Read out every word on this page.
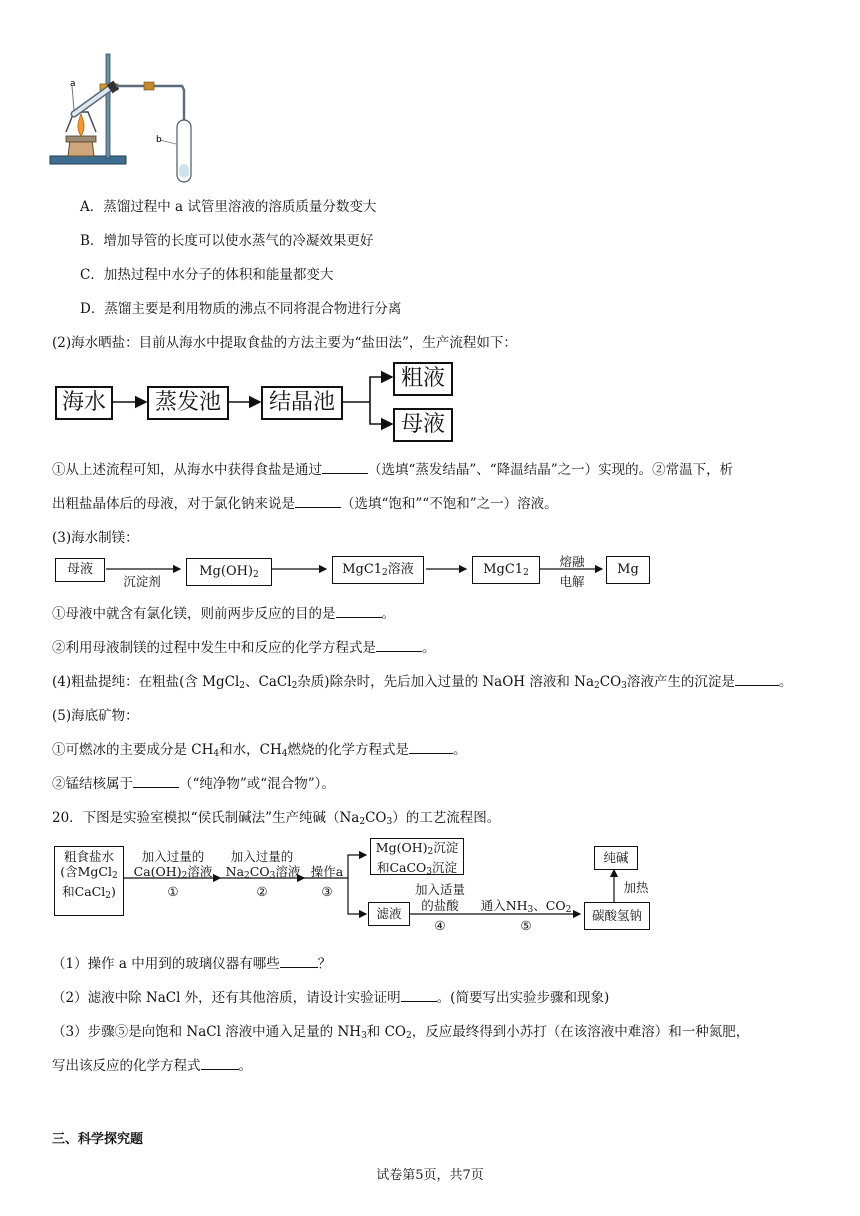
a
b
A．蒸馏过程中 a 试管里溶液的溶质质量分数变大
B．增加导管的长度可以使水蒸气的冷凝效果更好
C．加热过程中水分子的体积和能量都变大
D．蒸馏主要是利用物质的沸点不同将混合物进行分离
(2)海水晒盐：目前从海水中提取食盐的方法主要为“盐田法”，生产流程如下：
海水	蒸发池	结晶池
粗液
母液
①从上述流程可知，从海水中获得食盐是通过	（选填“蒸发结晶”、“降温结晶”之一）实现的。②常温下，析
出粗盐晶体后的母液，对于氯化钠来说是	（选填“饱和”“不饱和”之一）溶液。
(3)海水制镁：
母液
沉淀剂
$Mg(OH)_2$	$MgC1_2$溶液	$MgC1_2$
熔融
电解
Mg
①母液中就含有氯化镁，则前两步反应的目的是	。
②利用母液制镁的过程中发生中和反应的化学方程式是	。
(4)粗盐提纯：在粗盐(含 MgCl$_2$、CaCl$_2$杂质)除杂时，先后加入过量的 NaOH 溶液和 $Na_2CO_3$溶液产生的沉淀是	。
(5)海底矿物：
①可燃冰的主要成分是 $CH_4$和水，$CH_4$燃烧的化学方程式是	。
②锰结核属于	（“纯净物”或“混合物”）。
20．下图是实验室模拟“侯氏制碱法”生产纯碱$(Na_2CO_3)$的工艺流程图。
粗食盐水
(含MgCl$_2$
和CaCl$_2$)
加入过量的
$Ca(OH)_2$溶液
①
加入过量的
$Na_2CO_3$溶液
②
操作a
③
$Mg(OH)_2$沉淀
和CaCO$_3$沉淀
滤液
加入适量
的盐酸
④
通入$NH_3$、$CO_2$
⑤
碳酸氢钠
加热
纯碱
（1）操作 a 中用到的玻璃仪器有哪些	？
（2）滤液中除 NaCl 外，还有其他溶质，请设计实验证明	。(简要写出实验步骤和现象)
（3）步骤⑤是向饱和 NaCl 溶液中通入足量的 $NH_3$和 $CO_2$，反应最终得到小苏打（在该溶液中难溶）和一种氮肥，
写出该反应的化学方程式	。
三、科学探究题
试卷第5页，共7页
